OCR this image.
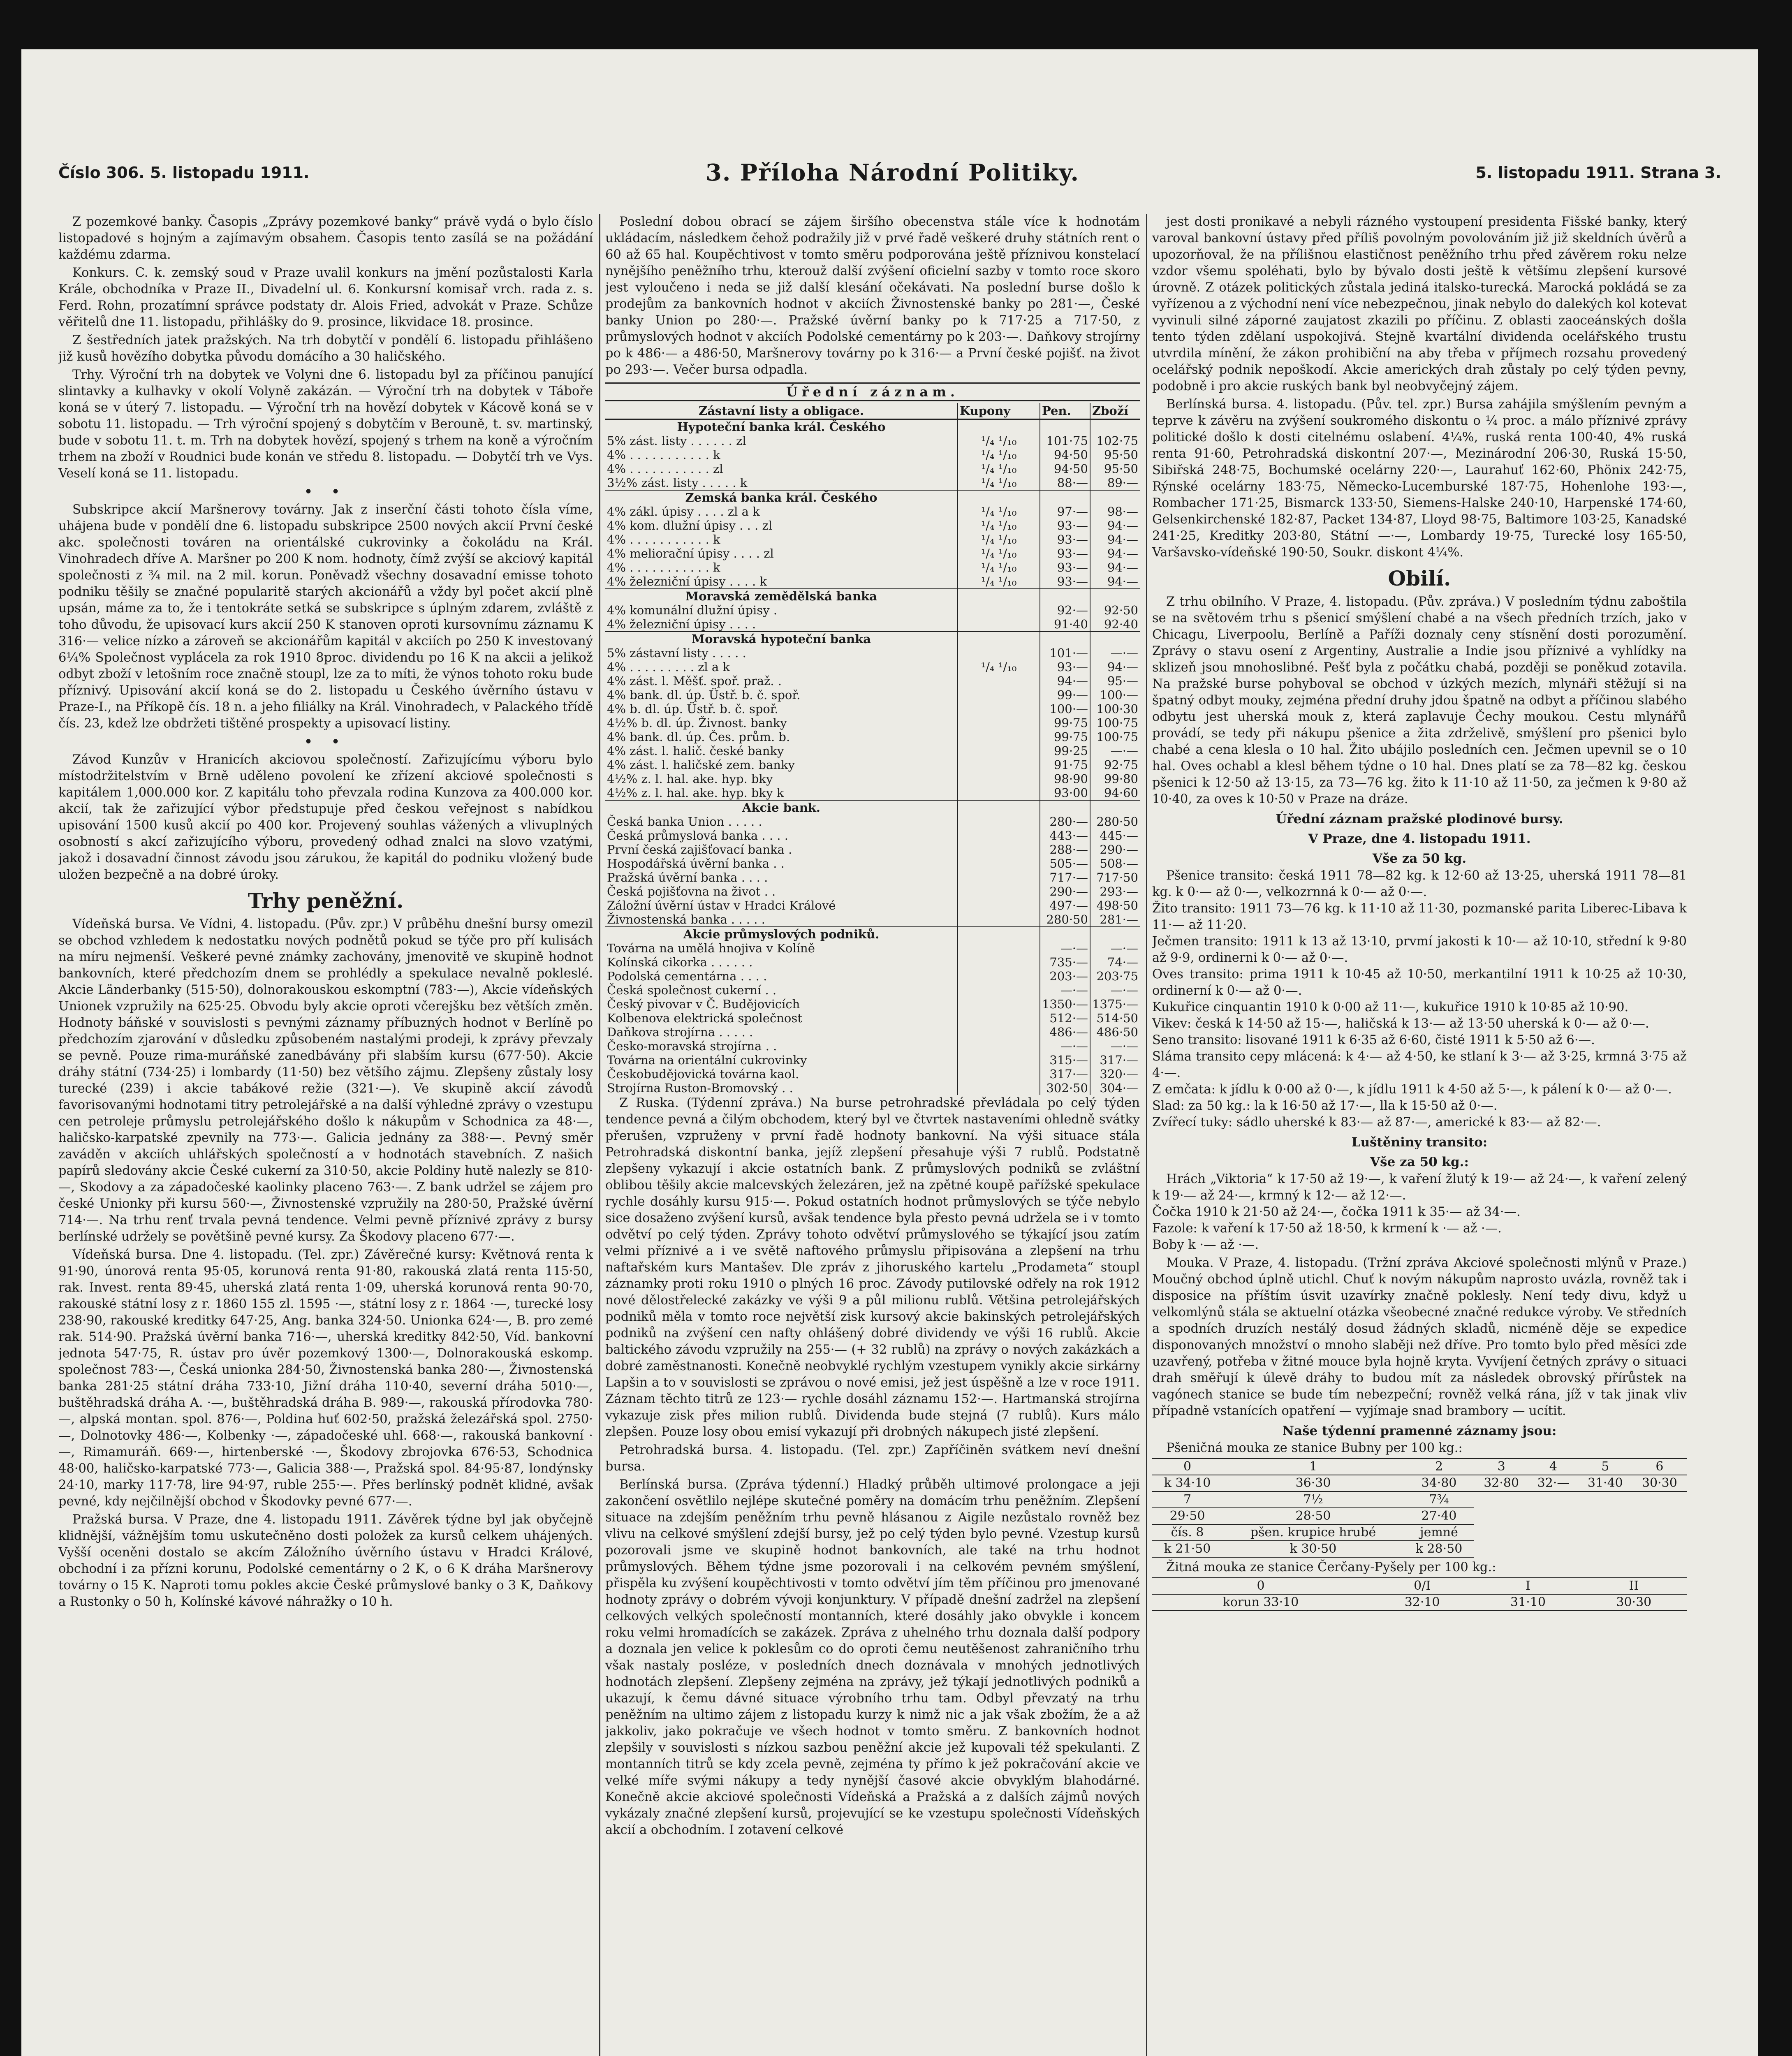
Číslo 306. 5. listopadu 1911.	3. Příloha Národní Politiky.	5. listopadu 1911. Strana 3.

Z pozemkové banky. Časopis „Zprávy pozemkové banky“ právě vydá o bylo číslo listopadové s hojným a zajímavým obsahem. Časopis tento zasílá se na požádání každému zdarma.

Konkurs. C. k. zemský soud v Praze uvalil konkurs na jmění pozůstalosti Karla Krále, obchodníka v Praze II., Divadelní ul. 6. Konkursní komisař vrch. rada z. s. Ferd. Rohn, prozatímní správce podstaty dr. Alois Fried, advokát v Praze. Schůze věřitelů dne 11. listopadu, přihlášky do 9. prosince, likvidace 18. prosince.

Z šestředních jatek pražských. Na trh dobytčí v pondělí 6. listopadu přihlášeno již kusů hovězího dobytka původu domácího a 30 haličského.

Trhy. Výroční trh na dobytek ve Volyni dne 6. listopadu byl za příčinou panující slintavky a kulhavky v okolí Volyně zakázán. — Výroční trh na dobytek v Táboře koná se v úterý 7. listopadu. — Výroční trh na hovězí dobytek v Kácově koná se v sobotu 11. listopadu. — Trh výroční spojený s dobytčím v Berouně, t. sv. martinský, bude v sobotu 11. t. m. Trh na dobytek hovězí, spojený s trhem na koně a výročním trhem na zboží v Roudnici bude konán ve středu 8. listopadu. — Dobytčí trh ve Vys. Veselí koná se 11. listopadu.

• •

Subskripce akcií Maršnerovy továrny. Jak z inserční části tohoto čísla víme, uhájena bude v pondělí dne 6. listopadu subskripce 2500 nových akcií První české akc. společnosti továren na orientálské cukrovinky a čokoládu na Král. Vinohradech dříve A. Maršner po 200 K nom. hodnoty, čímž zvýší se akciový kapitál společnosti z ¾ mil. na 2 mil. korun. Poněvadž všechny dosavadní emisse tohoto podniku těšily se značné popularitě starých akcionářů a vždy byl počet akcií plně upsán, máme za to, že i tentokráte setká se subskripce s úplným zdarem, zvláště z toho důvodu, že upisovací kurs akcií 250 K stanoven oproti kursovnímu záznamu K 316·— velice nízko a zároveň se akcionářům kapitál v akciích po 250 K investovaný 6¼% Společnost vyplácela za rok 1910 8proc. dividendu po 16 K na akcii a jelikož odbyt zboží v letošním roce značně stoupl, lze za to míti, že výnos tohoto roku bude příznivý. Upisování akcií koná se do 2. listopadu u Českého úvěrního ústavu v Praze-I., na Příkopě čís. 18 n. a jeho filiálky na Král. Vinohradech, v Palackého třídě čís. 23, kdež lze obdržeti tištěné prospekty a upisovací listiny.

• •

Závod Kunzův v Hranicích akciovou společností. Zařizujícímu výboru bylo místodržitelstvím v Brně uděleno povolení ke zřízení akciové společnosti s kapitálem 1,000.000 kor. Z kapitálu toho převzala rodina Kunzova za 400.000 kor. akcií, tak že zařizující výbor předstupuje před českou veřejnost s nabídkou upisování 1500 kusů akcií po 400 kor. Projevený souhlas vážených a vlivuplných osobností s akcí zařizujícího výboru, provedený odhad znalci na slovo vzatými, jakož i dosavadní činnost závodu jsou zárukou, že kapitál do podniku vložený bude uložen bezpečně a na dobré úroky.

Trhy peněžní.

Vídeňská bursa. Ve Vídni, 4. listopadu. (Pův. zpr.) V průběhu dnešní bursy omezil se obchod vzhledem k nedostatku nových podnětů pokud se týče pro pří kulisách na míru nejmenší. Veškeré pevné známky zachovány, jmenovitě ve skupině hodnot bankovních, které předchozím dnem se prohlédly a spekulace nevalně pokleslé. Akcie Länderbanky (515·50), dolnorakouskou eskomptní (783·—), Akcie vídeňských Unionek vzpružily na 625·25. Obvodu byly akcie oproti včerejšku bez větších změn. Hodnoty báňské v souvislosti s pevnými záznamy příbuzných hodnot v Berlíně po předchozím zjarování v důsledku způsobeném nastalými prodeji, k zprávy převzaly se pevně. Pouze rima-muráňské zanedbávány při slabším kursu (677·50). Akcie dráhy státní (734·25) i lombardy (11·50) bez většího zájmu. Zlepšeny zůstaly losy turecké (239) i akcie tabákové režie (321·—). Ve skupině akcií závodů favorisovanými hodnotami titry petrolejářské a na další výhledné zprávy o vzestupu cen petroleje průmyslu petrolejářského došlo k nákupům v Schodnica za 48·—, haličsko-karpatské zpevnily na 773·—. Galicia jednány za 388·—. Pevný směr zaváděn v akciích uhlářských společností a v hodnotách stavebních. Z našich papírů sledovány akcie České cukerní za 310·50, akcie Poldiny hutě nalezly se 810·—, Skodovy a za západočeské kaolinky placeno 763·—. Z bank udržel se zájem pro české Unionky při kursu 560·—, Živnostenské vzpružily na 280·50, Pražské úvěrní 714·—. Na trhu renť trvala pevná tendence. Velmi pevně příznivé zprávy z bursy berlínské udržely se povětšině pevné kursy. Za Škodovy placeno 677·—.

Vídeňská bursa. Dne 4. listopadu. (Tel. zpr.) Závěrečné kursy: Květnová renta k 91·90, únorová renta 95·05, korunová renta 91·80, rakouská zlatá renta 115·50, rak. Invest. renta 89·45, uherská zlatá renta 1·09, uherská korunová renta 90·70, rakouské státní losy z r. 1860 155 zl. 1595 ·—, státní losy z r. 1864 ·—, turecké losy 238·90, rakouské kreditky 647·25, Ang. banka 324·50. Unionka 624·—, B. pro zemé rak. 514·90. Pražská úvěrní banka 716·—, uherská kreditky 842·50, Víd. bankovní jednota 547·75, R. ústav pro úvěr pozemkový 1300·—, Dolnorakouská eskomp. společnost 783·—, Česká unionka 284·50, Živnostenská banka 280·—, Živnostenská banka 281·25 státní dráha 733·10, Jižní dráha 110·40, severní dráha 5010·—, buštěhradská dráha A. ·—, buštěhradská dráha B. 989·—, rakouská přírodovka 780·—, alpská montan. spol. 876·—, Poldina huť 602·50, pražská železářská spol. 2750·—, Dolnotovky 486·—, Kolbenky ·—, západočeské uhl. 668·—, rakouská bankovní ·—, Rimamuráň. 669·—, hirtenberské ·—, Škodovy zbrojovka 676·53, Schodnica 48·00, haličsko-karpatské 773·—, Galicia 388·—, Pražská spol. 84·95·87, londýnsky 24·10, marky 117·78, lire 94·97, ruble 255·—. Přes berlínský podnět klidné, avšak pevné, kdy nejčilnější obchod v Škodovky pevné 677·—.

Pražská bursa. V Praze, dne 4. listopadu 1911. Závěrek týdne byl jak obyčejně klidnější, vážnějším tomu uskutečněno dosti položek za kursů celkem uhájených. Vyšší oceněni dostalo se akcím Záložního úvěrního ústavu v Hradci Králové, obchodní i za přízni korunu, Podolské cementárny o 2 K, o 6 K dráha Maršnerovy továrny o 15 K. Naproti tomu pokles akcie České průmyslové banky o 3 K, Daňkovy a Rustonky o 50 h, Kolínské kávové náhražky o 10 h.

Poslední dobou obrací se zájem širšího obecenstva stále více k hodnotám ukládacím, následkem čehož podražily již v prvé řadě veškeré druhy státních rent o 60 až 65 hal. Koupěchtivost v tomto směru podporována ještě příznivou konstelací nynějšího peněžního trhu, kterouž další zvýšení oficielní sazby v tomto roce skoro jest vyloučeno i neda se již další klesání očekávati. Na poslední burse došlo k prodejům za bankovních hodnot v akciích Živnostenské banky po 281·—, České banky Union po 280·—. Pražské úvěrní banky po k 717·25 a 717·50, z průmyslových hodnot v akciích Podolské cementárny po k 203·—. Daňkovy strojírny po k 486·— a 486·50, Maršnerovy továrny po k 316·— a První české pojišť. na život po 293·—. Večer bursa odpadla.

Úřední záznam.
Zástavní listy a obligace.	Kupony	Pen.	Zboží
Hypoteční banka král. Českého			
5% zást. listy . . . . . . zl	¹/₄ ¹/₁₀	101·75	102·75
4% . . . . . . . . . . . k	¹/₄ ¹/₁₀	94·50	95·50
4% . . . . . . . . . . . zl	¹/₄ ¹/₁₀	94·50	95·50
3½% zást. listy . . . . . k	¹/₄ ¹/₁₀	88·—	89·—
Zemská banka král. Českého			
4% zákl. úpisy . . . . zl a k	¹/₄ ¹/₁₀	97·—	98·—
4% kom. dlužní úpisy . . . zl	¹/₄ ¹/₁₀	93·—	94·—
4% . . . . . . . . . . . k	¹/₄ ¹/₁₀	93·—	94·—
4% meliorační úpisy . . . . zl	¹/₄ ¹/₁₀	93·—	94·—
4% . . . . . . . . . . . k	¹/₄ ¹/₁₀	93·—	94·—
4% železniční úpisy . . . . k	¹/₄ ¹/₁₀	93·—	94·—
Moravská zemědělská banka			
4% komunální dlužní úpisy .		92·—	92·50
4% železniční úpisy . . . .		91·40	92·40
Moravská hypoteční banka			
5% zástavní listy . . . . .		101·—	—·—
4% . . . . . . . . . zl a k	¹/₄ ¹/₁₀	93·—	94·—
4% zást. l. Měšť. spoř. praž. .		94·—	95·—
4% bank. dl. úp. Üstř. b. č. spoř.		99·—	100·—
4% b. dl. úp. Üstř. b. č. spoř.		100·—	100·30
4½% b. dl. úp. Živnost. banky		99·75	100·75
4% bank. dl. úp. Čes. prům. b.		99·75	100·75
4% zást. l. halič. české banky		99·25	—·—
4% zást. l. haličské zem. banky		91·75	92·75
4½% z. l. hal. ake. hyp. bky		98·90	99·80
4½% z. l. hal. ake. hyp. bky k		93·00	94·60
Akcie bank.			
Česká banka Union . . . . .		280·—	280·50
Česká průmyslová banka . . . .		443·—	445·—
První česká zajišťovací banka .		288·—	290·—
Hospodářská úvěrní banka . .		505·—	508·—
Pražská úvěrní banka . . . .		717·—	717·50
Česká pojišťovna na život . .		290·—	293·—
Záložní úvěrní ústav v Hradci Králové		497·—	498·50
Živnostenská banka . . . . .		280·50	281·—
Akcie průmyslových podniků.			
Továrna na umělá hnojiva v Kolíně		—·—	—·—
Kolínská cikorka . . . . . .		735·—	74·—
Podolská cementárna . . . .		203·—	203·75
Česká společnost cukerní . .		—·—	—·—
Český pivovar v Č. Budějovicích		1350·—	1375·—
Kolbenova elektrická společnost		512·—	514·50
Daňkova strojírna . . . . .		486·—	486·50
Česko-moravská strojírna . .		—·—	—·—
Továrna na orientální cukrovinky		315·—	317·—
Českobudějovická továrna kaol.		317·—	320·—
Strojírna Ruston-Bromovský . .		302·50	304·—

Z Ruska. (Týdenní zpráva.) Na burse petrohradské převládala po celý týden tendence pevná a čilým obchodem, který byl ve čtvrtek nastaveními ohledně svátky přerušen, vzpruženy v první řadě hodnoty bankovní. Na výši situace stála Petrohradská diskontní banka, jejíž zlepšení přesahuje výši 7 rublů. Podstatně zlepšeny vykazují i akcie ostatních bank. Z průmyslových podniků se zvláštní oblibou těšily akcie malcevských železáren, jež na zpětné koupě pařížské spekulace rychle dosáhly kursu 915·—. Pokud ostatních hodnot průmyslových se týče nebylo sice dosaženo zvýšení kursů, avšak tendence byla přesto pevná udržela se i v tomto odvětví po celý týden. Zprávy tohoto odvětví průmyslového se týkající jsou zatím velmi příznivé a i ve světě naftového průmyslu připisována a zlepšení na trhu naftařském kurs Mantašev. Dle zpráv z jihoruského kartelu „Prodameta“ stoupl záznamky proti roku 1910 o plných 16 proc. Závody putilovské odřely na rok 1912 nové dělostřelecké zakázky ve výši 9 a půl milionu rublů. Většina petrolejářských podniků měla v tomto roce největší zisk kursový akcie bakinských petrolejářských podniků na zvýšení cen nafty ohlášený dobré dividendy ve výši 16 rublů. Akcie baltického závodu vzpružily na 255·— (+ 32 rublů) na zprávy o nových zakázkách a dobré zaměstnanosti. Konečně neobvyklé rychlým vzestupem vynikly akcie sirkárny Lapšin a to v souvislosti se zprávou o nové emisi, jež jest úspěšně a lze v roce 1911. Záznam těchto titrů ze 123·— rychle dosáhl záznamu 152·—. Hartmanská strojírna vykazuje zisk přes milion rublů. Dividenda bude stejná (7 rublů). Kurs málo zlepšen. Pouze losy obou emisí vykazují při drobných nákupech jisté zlepšení.

Petrohradská bursa. 4. listopadu. (Tel. zpr.) Zapříčiněn svátkem neví dnešní bursa.

Berlínská bursa. (Zpráva týdenní.) Hladký průběh ultimové prolongace a jeji zakončení osvětlilo nejlépe skutečné poměry na domácím trhu peněžním. Zlepšení situace na zdejším peněžním trhu pevně hlásanou z Aigile nezůstalo rovněž bez vlivu na celkové smýšlení zdejší bursy, jež po celý týden bylo pevné. Vzestup kursů pozorovali jsme ve skupině hodnot bankovních, ale také na trhu hodnot průmyslových. Během týdne jsme pozorovali i na celkovém pevném smýšlení, přispěla ku zvýšení koupěchtivosti v tomto odvětví jím těm příčinou pro jmenované hodnoty zprávy o dobrém vývoji konjunktury. V případě dnešní zadržel na zlepšení celkových velkých společností montanních, které dosáhly jako obvykle i koncem roku velmi hromadících se zakázek. Zpráva z uhelného trhu doznala další podpory a doznala jen velice k poklesům co do oproti čemu neutěšenost zahraničního trhu však nastaly posléze, v posledních dnech doznávala v mnohých jednotlivých hodnotách zlepšení. Zlepšeny zejména na zprávy, jež týkají jednotlivých podniků a ukazují, k čemu dávné situace výrobního trhu tam. Odbyl převzatý na trhu peněžním na ultimo zájem z listopadu kurzy k nimž nic a jak však zbožím, že a až jakkoliv, jako pokračuje ve všech hodnot v tomto směru. Z bankovních hodnot zlepšily v souvislosti s nízkou sazbou peněžní akcie jež kupovali též spekulanti. Z montanních titrů se kdy zcela pevně, zejména ty přímo k jež pokračování akcie ve velké míře svými nákupy a tedy nynější časové akcie obvyklým blahodárné. Konečně akcie akciové společnosti Vídeňská a Pražská a z dalších zájmů nových vykázaly značné zlepšení kursů, projevující se ke vzestupu společnosti Vídeňských akcií a obchodním. I zotavení celkové

jest dosti pronikavé a nebyli rázného vystoupení presidenta Fišské banky, který varoval bankovní ústavy před příliš povolným povolováním již již skeldních úvěrů a upozorňoval, že na přílišnou elastičnost peněžního trhu před závěrem roku nelze vzdor všemu spoléhati, bylo by bývalo dosti ještě k většímu zlepšení kursové úrovně. Z otázek politických zůstala jediná italsko-turecká. Marocká pokládá se za vyřízenou a z východní není více nebezpečnou, jinak nebylo do dalekých kol kotevat vyvinuli silné záporné zaujatost zkazili po příčinu. Z oblasti zaoceánských došla tento týden zdělaní uspokojivá. Stejně kvartální dividenda ocelářského trustu utvrdila mínění, že zákon prohibiční na aby třeba v příjmech rozsahu provedený ocelářský podnik nepoškodí. Akcie amerických drah zůstaly po celý týden pevny, podobně i pro akcie ruských bank byl neobvyčejný zájem.

Berlínská bursa. 4. listopadu. (Pův. tel. zpr.) Bursa zahájila smýšlením pevným a teprve k závěru na zvýšení soukromého diskontu o ¼ proc. a málo příznivé zprávy politické došlo k dosti citelnému oslabení. 4¼%, ruská renta 100·40, 4% ruská renta 91·60, Petrohradská diskontní 207·—, Mezinárodní 206·30, Ruská 15·50, Sibiřská 248·75, Bochumské ocelárny 220·—, Laurahuť 162·60, Phönix 242·75, Rýnské ocelárny 183·75, Německo-Lucemburské 187·75, Hohenlohe 193·—, Rombacher 171·25, Bismarck 133·50, Siemens-Halske 240·10, Harpenské 174·60, Gelsenkirchenské 182·87, Packet 134·87, Lloyd 98·75, Baltimore 103·25, Kanadské 241·25, Kreditky 203·80, Státní —·—, Lombardy 19·75, Turecké losy 165·50, Varšavsko-vídeňské 190·50, Soukr. diskont 4¼%.

Obilí.

Z trhu obilního. V Praze, 4. listopadu. (Pův. zpráva.) V posledním týdnu zaboštila se na světovém trhu s pšenicí smýšlení chabé a na všech předních trzích, jako v Chicagu, Liverpoolu, Berlíně a Paříži doznaly ceny stísnění dosti porozumění. Zprávy o stavu osení z Argentiny, Australie a Indie jsou příznivé a vyhlídky na sklizeň jsou mnohoslibné. Pešť byla z počátku chabá, později se poněkud zotavila. Na pražské burse pohyboval se obchod v úzkých mezích, mlynáři stěžují si na špatný odbyt mouky, zejména přední druhy jdou špatně na odbyt a příčinou slabého odbytu jest uherská mouk z, která zaplavuje Čechy moukou. Cestu mlynářů provádí, se tedy při nákupu pšenice a žita zdrželivě, smýšlení pro pšenici bylo chabé a cena klesla o 10 hal. Žito ubájilo posledních cen. Ječmen upevnil se o 10 hal. Oves ochabl a klesl během týdne o 10 hal. Dnes platí se za 78—82 kg. českou pšenici k 12·50 až 13·15, za 73—76 kg. žito k 11·10 až 11·50, za ječmen k 9·80 až 10·40, za oves k 10·50 v Praze na dráze.

Úřední záznam pražské plodinové bursy.
V Praze, dne 4. listopadu 1911.
Vše za 50 kg.

Pšenice transito: česká 1911 78—82 kg. k 12·60 až 13·25, uherská 1911 78—81 kg. k 0·— až 0·—, velkozrnná k 0·— až 0·—.
Žito transito: 1911 73—76 kg. k 11·10 až 11·30, pozmanské parita Liberec-Libava k 11·— až 11·20.
Ječmen transito: 1911 k 13 až 13·10, prvmí jakosti k 10·— až 10·10, střední k 9·80 až 9·9, ordinerni k 0·— až 0·—.
Oves transito: prima 1911 k 10·45 až 10·50, merkantilní 1911 k 10·25 až 10·30, ordinerní k 0·— až 0·—.
Kukuřice cinquantin 1910 k 0·00 až 11·—, kukuřice 1910 k 10·85 až 10·90.
Vikev: česká k 14·50 až 15·—, haličská k 13·— až 13·50 uherská k 0·— až 0·—.
Seno transito: lisované 1911 k 6·35 až 6·60, čisté 1911 k 5·50 až 6·—.
Sláma transito cepy mlácená: k 4·— až 4·50, ke stlaní k 3·— až 3·25, krmná 3·75 až 4·—.
Z emčata: k jídlu k 0·00 až 0·—, k jídlu 1911 k 4·50 až 5·—, k pálení k 0·— až 0·—.
Slad: za 50 kg.: la k 16·50 až 17·—, lla k 15·50 až 0·—.
Zvířecí tuky: sádlo uherské k 83·— až 87·—, americké k 83·— až 82·—.

Luštěniny transito:
Vše za 50 kg.:

Hrách „Viktoria“ k 17·50 až 19·—, k vaření žlutý k 19·— až 24·—, k vaření zelený k 19·— až 24·—, krmný k 12·— až 12·—.
Čočka 1910 k 21·50 až 24·—, čočka 1911 k 35·— až 34·—.
Fazole: k vaření k 17·50 až 18·50, k krmení k ·— až ·—.
Boby k ·— až ·—.

Mouka. V Praze, 4. listopadu. (Tržní zpráva Akciové společnosti mlýnů v Praze.) Moučný obchod úplně utichl. Chuť k novým nákupům naprosto uvázla, rovněž tak i disposice na příštím úsvit uzavírky značně poklesly. Není tedy divu, když u velkomlýnů stála se aktuelní otázka všeobecné značné redukce výroby. Ve středních a spodních druzích nestálý dosud žádných skladů, nicméně děje se expedice disponovaných množství o mnoho slaběji než dříve. Pro tomto bylo před měsíci zde uzavřený, potřeba v žitné mouce byla hojně kryta. Vyvíjení četných zprávy o situaci drah směřují k úlevě dráhy to budou mít za následek obrovský přírůstek na vagónech stanice se bude tím nebezpeční; rovněž velká rána, jíž v tak jinak vliv případně vstanících opatření — vyjímaje snad brambory — ucítit.

Naše týdenní pramenné záznamy jsou:

Pšeničná mouka ze stanice Bubny per 100 kg.:

0	1	2	3	4	5	6
k 34·10	36·30	34·80	32·80	32·—	31·40	30·30
7	7½	7¾				
29·50	28·50	27·40				
čís. 8	pšen. krupice hrubé	jemné				
k 21·50	k 30·50	k 28·50				

Žitná mouka ze stanice Čerčany-Pyšely per 100 kg.:

0	0/I	I	II
korun 33·10	32·10	31·10	30·30
